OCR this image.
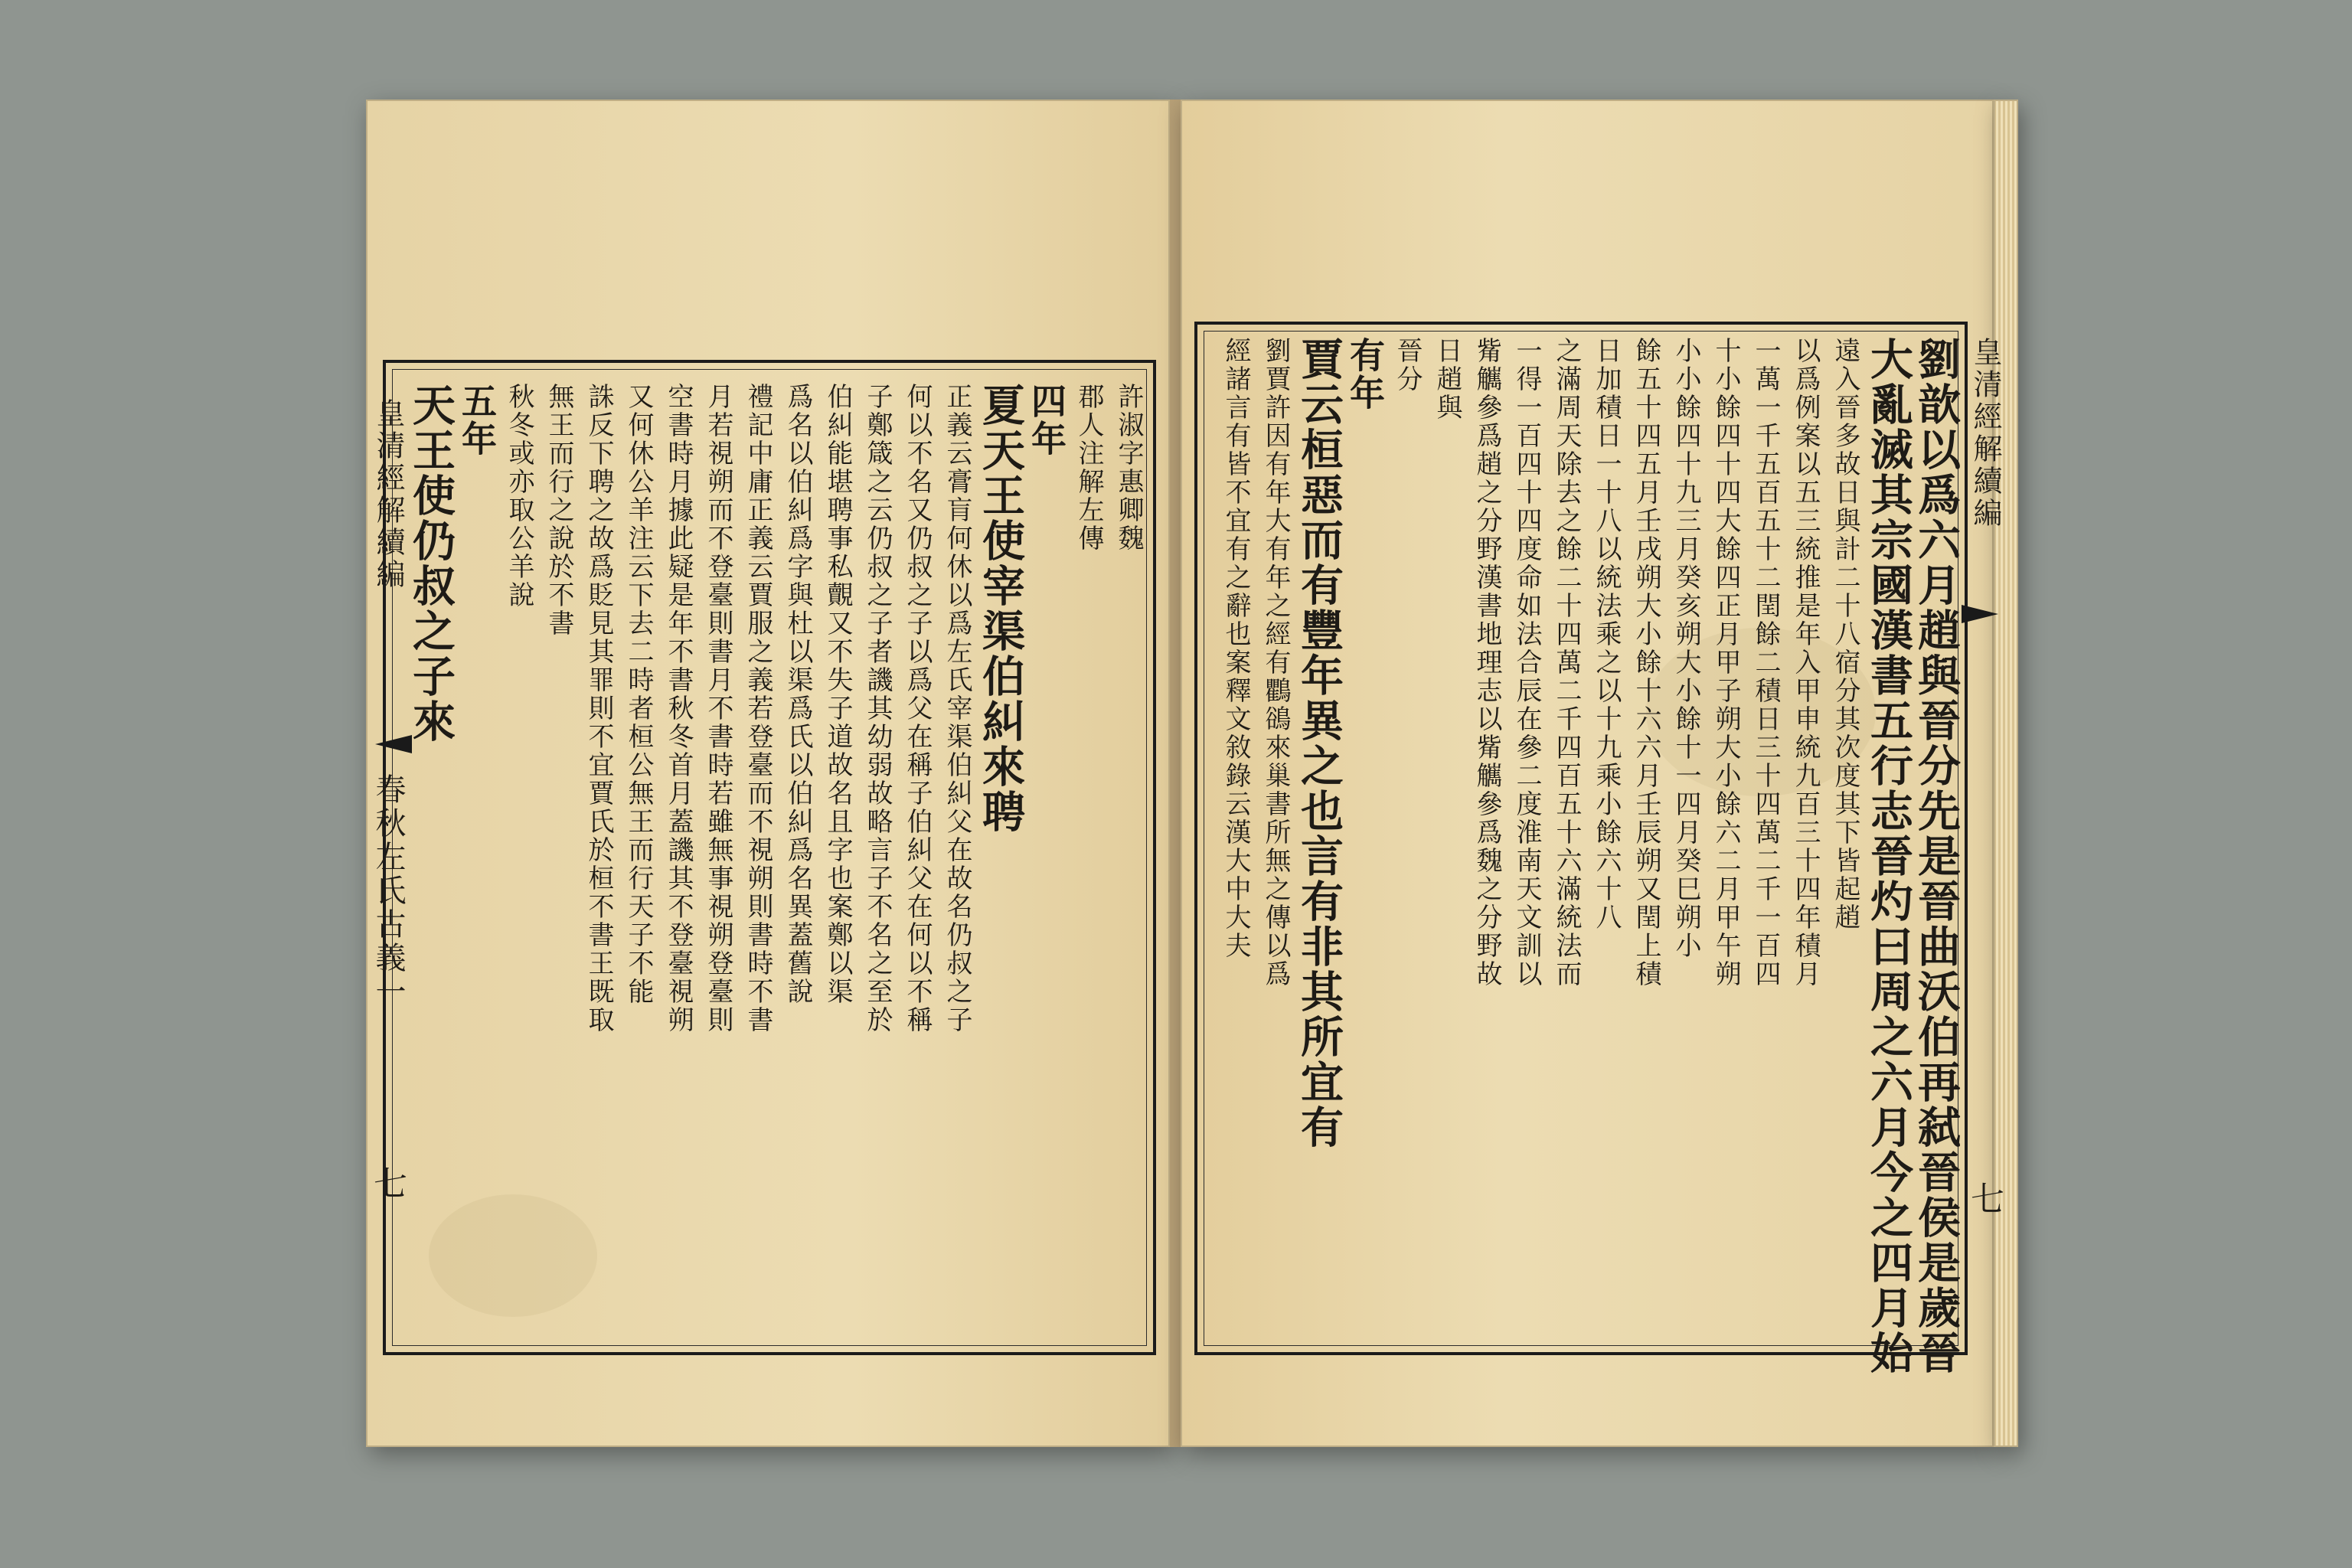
皇清經解續編
春秋左氏古義一
七
許淑字惠卿魏
郡人注解左傳
四年
夏天王使宰渠伯糾來聘
正義云膏肓何休以爲左氏宰渠伯糾父在故名仍叔之子
何以不名又仍叔之子以爲父在稱子伯糾父在何以不稱
子鄭箴之云仍叔之子者譏其幼弱故略言子不名之至於
伯糾能堪聘事私覿又不失子道故名且字也案鄭以渠
爲名以伯糾爲字與杜以渠爲氏以伯糾爲名異蓋舊說
禮記中庸正義云賈服之義若登臺而不視朔則書時不書
月若視朔而不登臺則書月不書時若雖無事視朔登臺則
空書時月據此疑是年不書秋冬首月蓋譏其不登臺視朔
又何休公羊注云下去二時者桓公無王而行天子不能
誅反下聘之故爲貶見其罪則不宜賈氏於桓不書王既取
無王而行之說於不書
秋冬或亦取公羊說
五年
天王使仍叔之子來	皇清經解續編
七
劉歆以爲六月趙與晉分先是晉曲沃伯再弑晉侯是歲晉
大亂滅其宗國漢書五行志晉灼曰周之六月今之四月始
遠入晉多故日與計二十八宿分其次度其下皆起趙
以爲例案以五三統推是年入甲申統九百三十四年積月
一萬一千五百五十二閏餘二積日三十四萬二千一百四
十小餘四十四大餘四正月甲子朔大小餘六二月甲午朔
小小餘四十九三月癸亥朔大小餘十一四月癸巳朔小
餘五十四五月壬戌朔大小餘十六六月壬辰朔又閏上積
日加積日一十八以統法乘之以十九乘小餘六十八
之滿周天除去之餘二十四萬二千四百五十六滿統法而
一得一百四十四度命如法合辰在參二度淮南天文訓以
觜觽參爲趙之分野漢書地理志以觜觽參爲魏之分野故
日趙與
晉分
有年
賈云桓惡而有豐年異之也言有非其所宜有
劉賈許因有年大有年之經有鸜鵒來巢書所無之傳以爲
經諸言有皆不宜有之辭也案釋文敘錄云漢大中大夫
